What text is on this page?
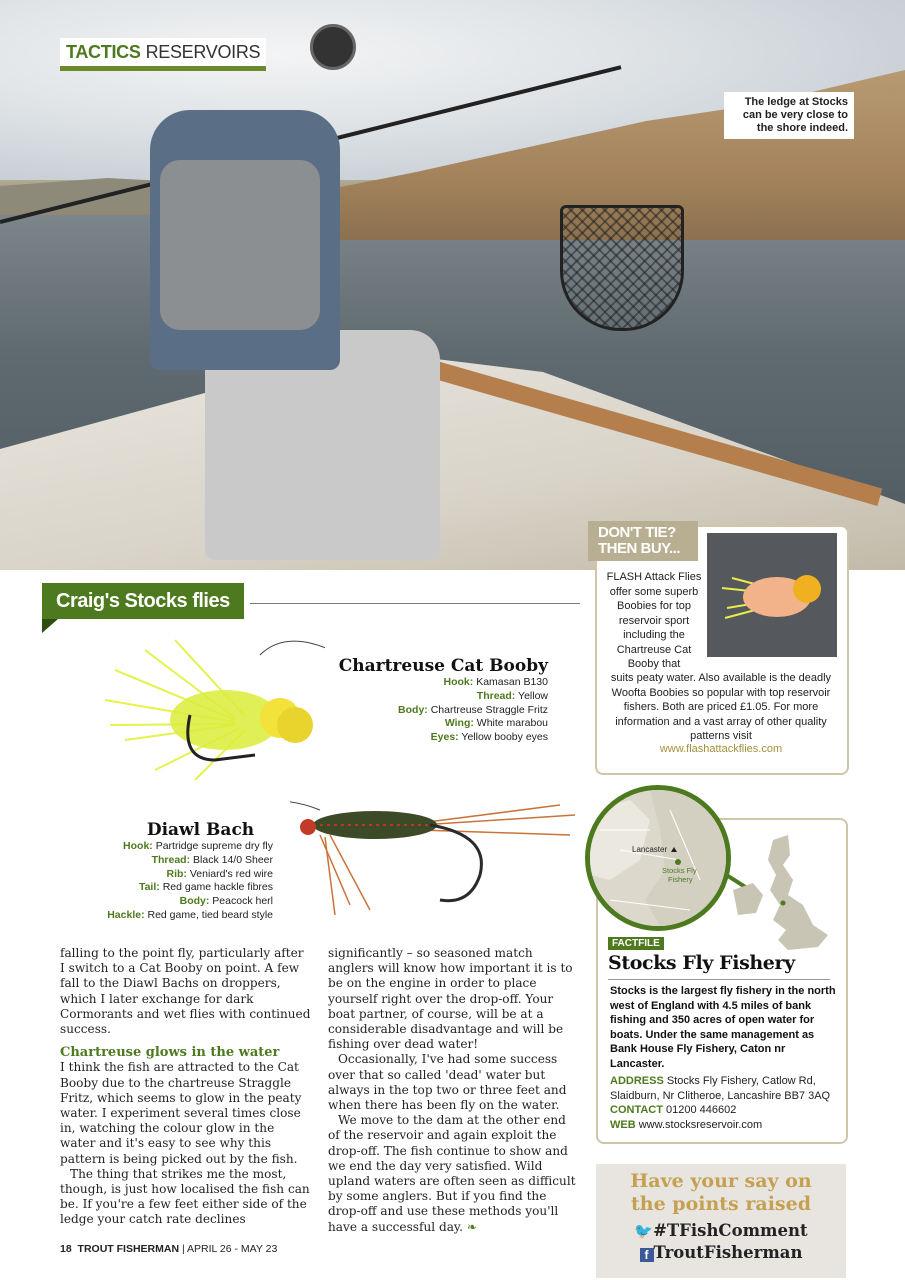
TACTICS RESERVOIRS
The ledge at Stocks can be very close to the shore indeed.
Craig's Stocks flies
Chartreuse Cat Booby
Hook: Kamasan B130
Thread: Yellow
Body: Chartreuse Straggle Fritz
Wing: White marabou
Eyes: Yellow booby eyes
Diawl Bach
Hook: Partridge supreme dry fly
Thread: Black 14/0 Sheer
Rib: Veniard's red wire
Tail: Red game hackle fibres
Body: Peacock herl
Hackle: Red game, tied beard style
DON'T TIE?
THEN BUY...
FLASH Attack Flies offer some superb Boobies for top reservoir sport including the Chartreuse Cat Booby that
suits peaty water. Also available is the deadly Woofta Boobies so popular with top reservoir fishers. Both are priced £1.05. For more information and a vast array of other quality patterns visit
www.flashattackflies.com
Lancaster
Stocks Fly
Fishery
FACTFILE
Stocks Fly Fishery
Stocks is the largest fly fishery in the north west of England with 4.5 miles of bank fishing and 350 acres of open water for boats. Under the same management as Bank House Fly Fishery, Caton nr Lancaster.
ADDRESS Stocks Fly Fishery, Catlow Rd, Slaidburn, Nr Clitheroe, Lancashire BB7 3AQ
CONTACT 01200 446602
WEB www.stocksreservoir.com

falling to the point fly, particularly after I switch to a Cat Booby on point. A few fall to the Diawl Bachs on droppers, which I later exchange for dark Cormorants and wet flies with continued success.

Chartreuse glows in the water

I think the fish are attracted to the Cat Booby due to the chartreuse Straggle Fritz, which seems to glow in the peaty water. I experiment several times close in, watching the colour glow in the water and it's easy to see why this pattern is being picked out by the fish.

The thing that strikes me the most, though, is just how localised the fish can be. If you're a few feet either side of the ledge your catch rate declines

significantly – so seasoned match anglers will know how important it is to be on the engine in order to place yourself right over the drop-off. Your boat partner, of course, will be at a considerable disadvantage and will be fishing over dead water!

Occasionally, I've had some success over that so called 'dead' water but always in the top two or three feet and when there has been fly on the water.

We move to the dam at the other end of the reservoir and again exploit the drop-off. The fish continue to show and we end the day very satisfied. Wild upland waters are often seen as difficult by some anglers. But if you find the drop-off and use these methods you'll have a successful day. ❧

Have your say on
the points raised
🐦#TFishComment
f TroutFisherman
18 TROUT FISHERMAN | APRIL 26 - MAY 23
